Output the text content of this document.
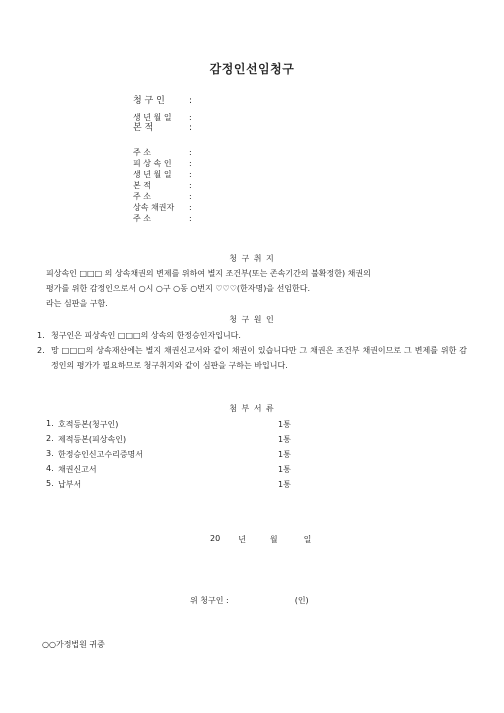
감정인선임청구
청 구 인	:
생 년 월 일	:
본 적	:
주 소	:
피 상 속 인	:
생 년 월 일	:
본 적	:
주 소	:
상속 채권자	:
주 소	:
청 구 취 지
피상속인 □□□ 의 상속채권의 변제를 위하여 별지 조건부(또는 존속기간의 불확정한) 채권의
평가를 위한 감정인으로서 ○시 ○구 ○동 ○번지 ♡♡♡(한자명)을 선임한다.
라는 심판을 구함.
청 구 원 인
1. 청구인은 피상속인 □□□의 상속의 한정승인자입니다.
2. 망 □□□의 상속재산에는 별지 채권신고서와 같이 채권이 있습니다만 그 채권은 조건부 채권이므로 그 변제를 위한 감정인의 평가가 필요하므로 청구취지와 같이 심판을 구하는 바입니다.
첨 부 서 류
1. 호적등본(청구인)	1통
2. 제적등본(피상속인)	1통
3. 한정승인신고수리증명서	1통
4. 채권신고서	1통
5. 납부서	1통
20 년	월	일
위 청구인 :	(인)
○○가정법원 귀중
